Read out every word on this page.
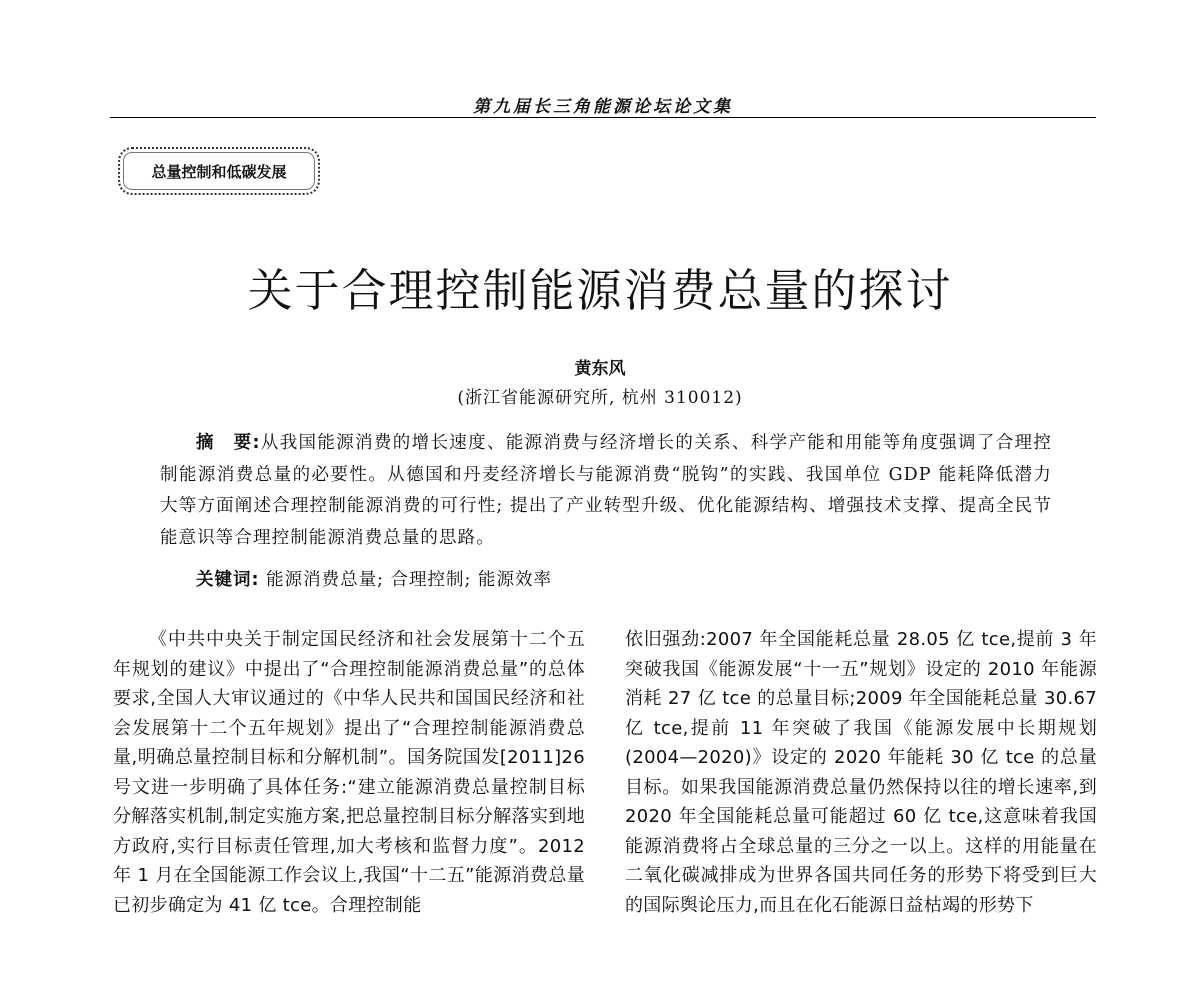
第九届长三角能源论坛论文集
总量控制和低碳发展
关于合理控制能源消费总量的探讨
黄东风
(浙江省能源研究所, 杭州 310012)

摘　要:从我国能源消费的增长速度、能源消费与经济增长的关系、科学产能和用能等角度强调了合理控制能源消费总量的必要性。从德国和丹麦经济增长与能源消费“脱钩”的实践、我国单位 GDP 能耗降低潜力大等方面阐述合理控制能源消费的可行性; 提出了产业转型升级、优化能源结构、增强技术支撑、提高全民节能意识等合理控制能源消费总量的思路。

关键词: 能源消费总量; 合理控制; 能源效率

《中共中央关于制定国民经济和社会发展第十二个五年规划的建议》中提出了“合理控制能源消费总量”的总体要求,全国人大审议通过的《中华人民共和国国民经济和社会发展第十二个五年规划》提出了“合理控制能源消费总量,明确总量控制目标和分解机制”。国务院国发[2011]26 号文进一步明确了具体任务:“建立能源消费总量控制目标分解落实机制,制定实施方案,把总量控制目标分解落实到地方政府,实行目标责任管理,加大考核和监督力度”。2012 年 1 月在全国能源工作会议上,我国“十二五”能源消费总量已初步确定为 41 亿 tce。合理控制能

依旧强劲:2007 年全国能耗总量 28.05 亿 tce,提前 3 年突破我国《能源发展“十一五”规划》设定的 2010 年能源消耗 27 亿 tce 的总量目标;2009 年全国能耗总量 30.67 亿 tce,提前 11 年突破了我国《能源发展中长期规划(2004—2020)》设定的 2020 年能耗 30 亿 tce 的总量目标。如果我国能源消费总量仍然保持以往的增长速率,到 2020 年全国能耗总量可能超过 60 亿 tce,这意味着我国能源消费将占全球总量的三分之一以上。这样的用能量在二氧化碳减排成为世界各国共同任务的形势下将受到巨大的国际舆论压力,而且在化石能源日益枯竭的形势下
